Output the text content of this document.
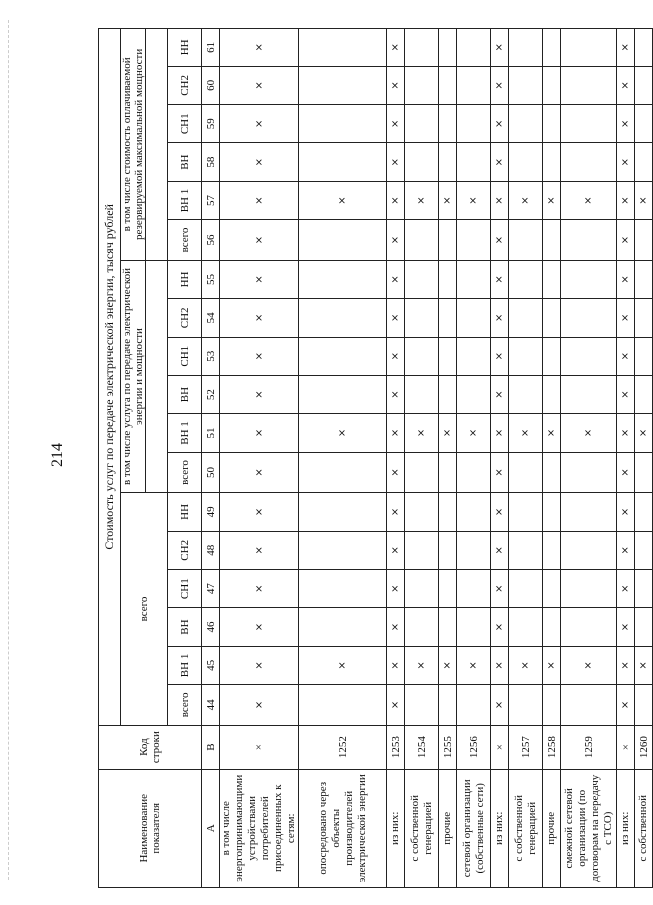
214
Наименование показателя	Код строки	Стоимость услуг по передаче электрической энергии, тысяч рублей																	
		всего						в том числе услуга по передаче электрической энергии и мощности						в том числе стоимость оплачиваемой резервируемой максимальной мощности					

		всего	ВН 1	ВН	СН1	СН2	НН	всего	ВН 1	ВН	СН1	СН2	НН	всего	ВН 1	ВН	СН1	СН2	НН
А	В	44	45	46	47	48	49	50	51	52	53	54	55	56	57	58	59	60	61
в том числе энергопринимающими устройствами потребителей присоединенных к сетям:	×	×	×	×	×	×	×	×	×	×	×	×	×	×	×	×	×	×	×
опосредовано через объекты производителей электрической энергии	1252		×						×						×				
из них:	1253	×	×	×	×	×	×	×	×	×	×	×	×	×	×	×	×	×	×
с собственной генерацией	1254		×						×						×				
прочие	1255		×						×						×				
сетевой организации (собственные сети)	1256		×						×						×				
из них:	×	×	×	×	×	×	×	×	×	×	×	×	×	×	×	×	×	×	×
с собственной генерацией	1257		×						×						×				
прочие	1258		×						×						×				
смежной сетевой организации (по договорам на передачу с ТСО)	1259		×						×						×				
из них:	×	×	×	×	×	×	×	×	×	×	×	×	×	×	×	×	×	×	×
с собственной	1260		×						×						×				
